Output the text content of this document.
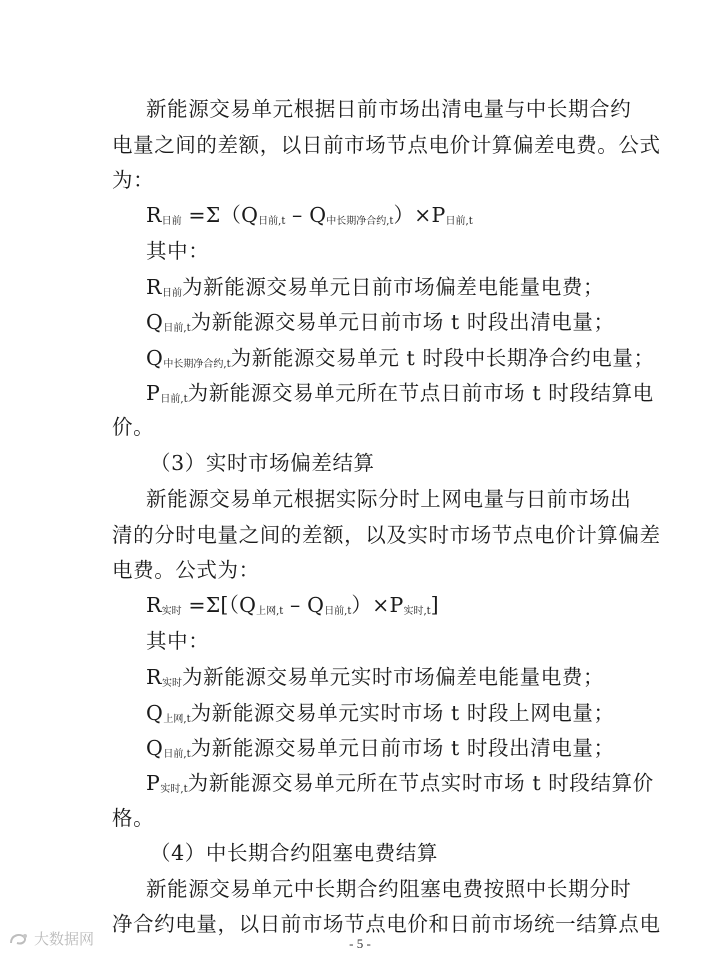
新能源交易单元根据日前市场出清电量与中长期合约
电量之间的差额，以日前市场节点电价计算偏差电费。公式
为：
$R_{日前} =\Sigma(Q_{日前,t} - Q_{中长期净合约,t})\times P_{日前,t}$
其中：
$R_{日前}$为新能源交易单元日前市场偏差电能量电费；
$Q_{日前,t}$为新能源交易单元日前市场 t 时段出清电量；
$Q_{中长期净合约,t}$为新能源交易单元 t 时段中长期净合约电量；
$P_{日前,t}$为新能源交易单元所在节点日前市场 t 时段结算电
价。
（3）实时市场偏差结算
新能源交易单元根据实际分时上网电量与日前市场出
清的分时电量之间的差额，以及实时市场节点电价计算偏差
电费。公式为：
$R_{实时} =\Sigma[(Q_{上网,t} - Q_{日前,t})\times P_{实时,t}]$
其中：
$R_{实时}$为新能源交易单元实时市场偏差电能量电费；
$Q_{上网,t}$为新能源交易单元实时市场 t 时段上网电量；
$Q_{日前,t}$为新能源交易单元日前市场 t 时段出清电量；
$P_{实时,t}$为新能源交易单元所在节点实时市场 t 时段结算价
格。
（4）中长期合约阻塞电费结算
新能源交易单元中长期合约阻塞电费按照中长期分时
净合约电量，以日前市场节点电价和日前市场统一结算点电
- 5 -
大数据网
